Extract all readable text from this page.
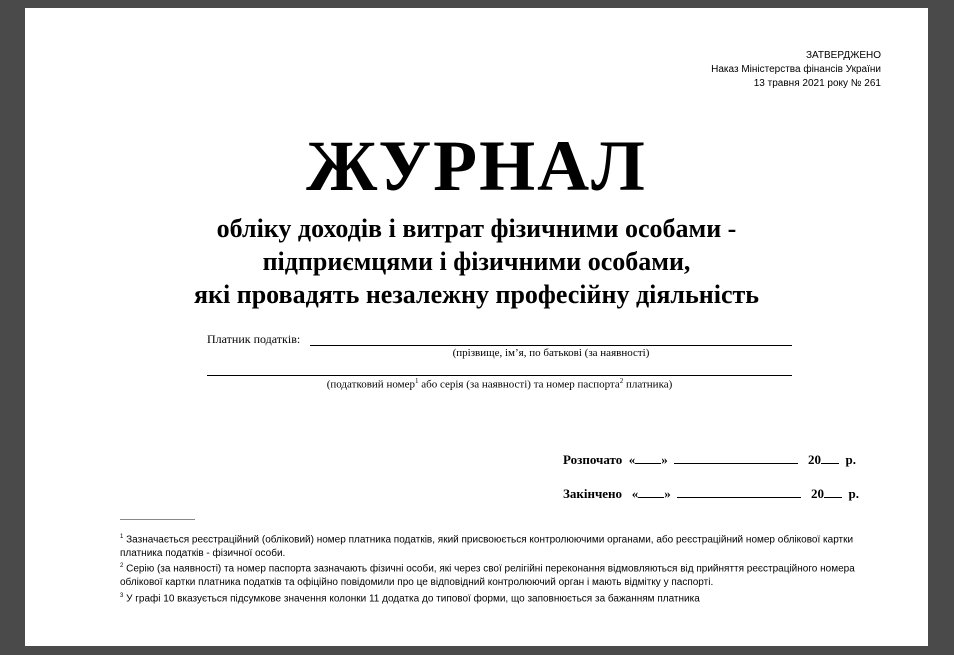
ЗАТВЕРДЖЕНО
Наказ Міністерства фінансів України
13 травня 2021 року № 261
ЖУРНАЛ
обліку доходів і витрат фізичними особами -
підприємцями і фізичними особами,
які провадять незалежну професійну діяльність
Платник податків:
(прізвище, ім’я, по батькові (за наявності)
(податковий номер$^1$ або серія (за наявності) та номер паспорта$^2$ платника)
Розпочато « »	20 р.
Закінчено « »	20 р.

$^1$ Зазначається реєстраційний (обліковий) номер платника податків, який присвоюється контролюючими органами, або реєстраційний номер облікової картки платника податків - фізичної особи.

$^2$ Серію (за наявності) та номер паспорта зазначають фізичні особи, які через свої релігійні переконання відмовляються від прийняття реєстраційного номера облікової картки платника податків та офіційно повідомили про це відповідний контролюючий орган і мають відмітку у паспорті.

$^3$ У графі 10 вказується підсумкове значення колонки 11 додатка до типової форми, що заповнюється за бажанням платника
